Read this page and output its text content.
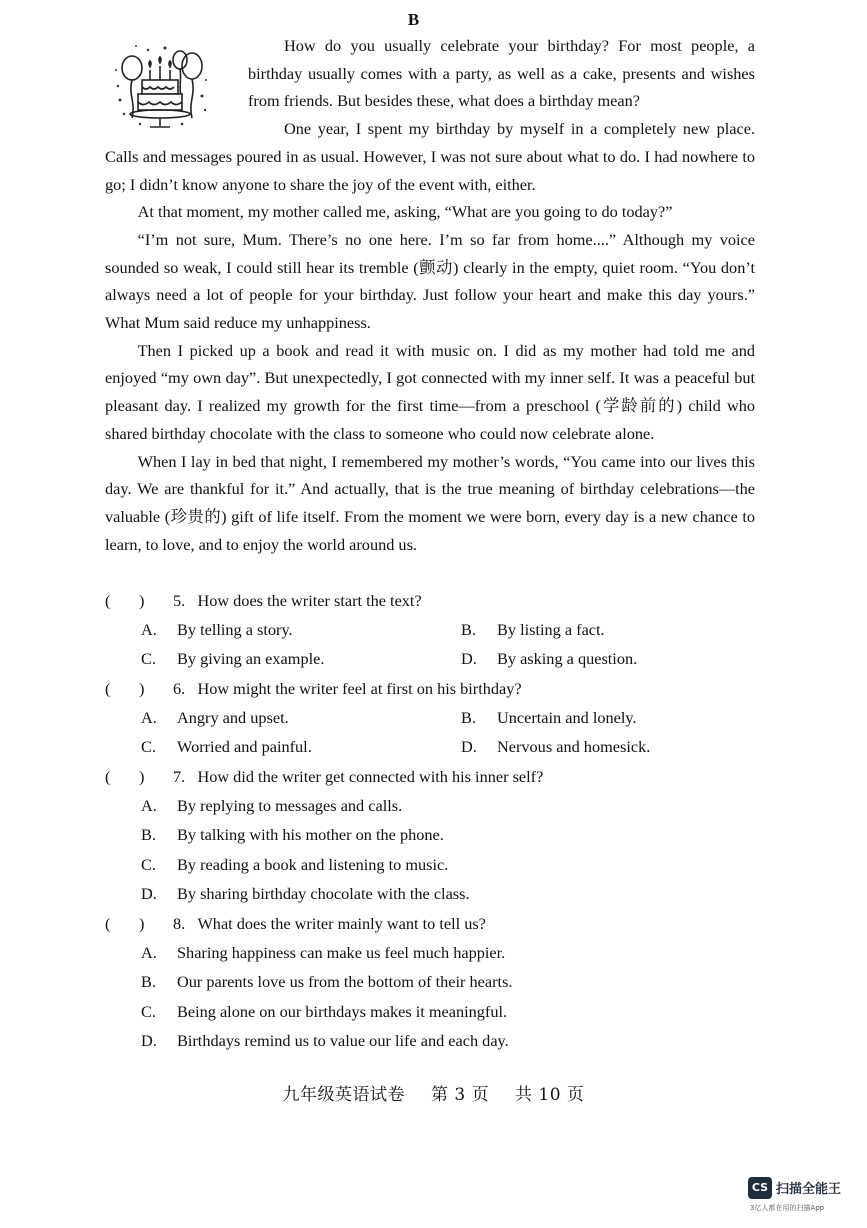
B

How do you usually celebrate your birthday? For most people, a birthday usually comes with a party, as well as a cake, presents and wishes from friends. But besides these, what does a birthday mean?

One year, I spent my birthday by myself in a completely new place. Calls and messages poured in as usual. However, I was not sure about what to do. I had nowhere to go; I didn’t know anyone to share the joy of the event with, either.

At that moment, my mother called me, asking, “What are you going to do today?”

“I’m not sure, Mum. There’s no one here. I’m so far from home....” Although my voice sounded so weak, I could still hear its tremble (颤动) clearly in the empty, quiet room. “You don’t always need a lot of people for your birthday. Just follow your heart and make this day yours.” What Mum said reduce my unhappiness.

Then I picked up a book and read it with music on. I did as my mother had told me and enjoyed “my own day”. But unexpectedly, I got connected with my inner self. It was a peaceful but pleasant day. I realized my growth for the first time—from a preschool (学龄前的) child who shared birthday chocolate with the class to someone who could now celebrate alone.

When I lay in bed that night, I remembered my mother’s words, “You came into our lives this day. We are thankful for it.” And actually, that is the true meaning of birthday celebrations—the valuable (珍贵的) gift of life itself. From the moment we were born, every day is a new chance to learn, to love, and to enjoy the world around us.

( ) 5. How does the writer start the text?
A. By telling a story.	B. By listing a fact.
C. By giving an example.	D. By asking a question.
( ) 6. How might the writer feel at first on his birthday?
A. Angry and upset.	B. Uncertain and lonely.
C. Worried and painful.	D. Nervous and homesick.
( ) 7. How did the writer get connected with his inner self?
A. By replying to messages and calls.
B. By talking with his mother on the phone.
C. By reading a book and listening to music.
D. By sharing birthday chocolate with the class.
( ) 8. What does the writer mainly want to tell us?
A. Sharing happiness can make us feel much happier.
B. Our parents love us from the bottom of their hearts.
C. Being alone on our birthdays makes it meaningful.
D. Birthdays remind us to value our life and each day.
九年级英语试卷 第 3 页 共 10 页
CS 扫描全能王
3亿人都在用的扫描App
